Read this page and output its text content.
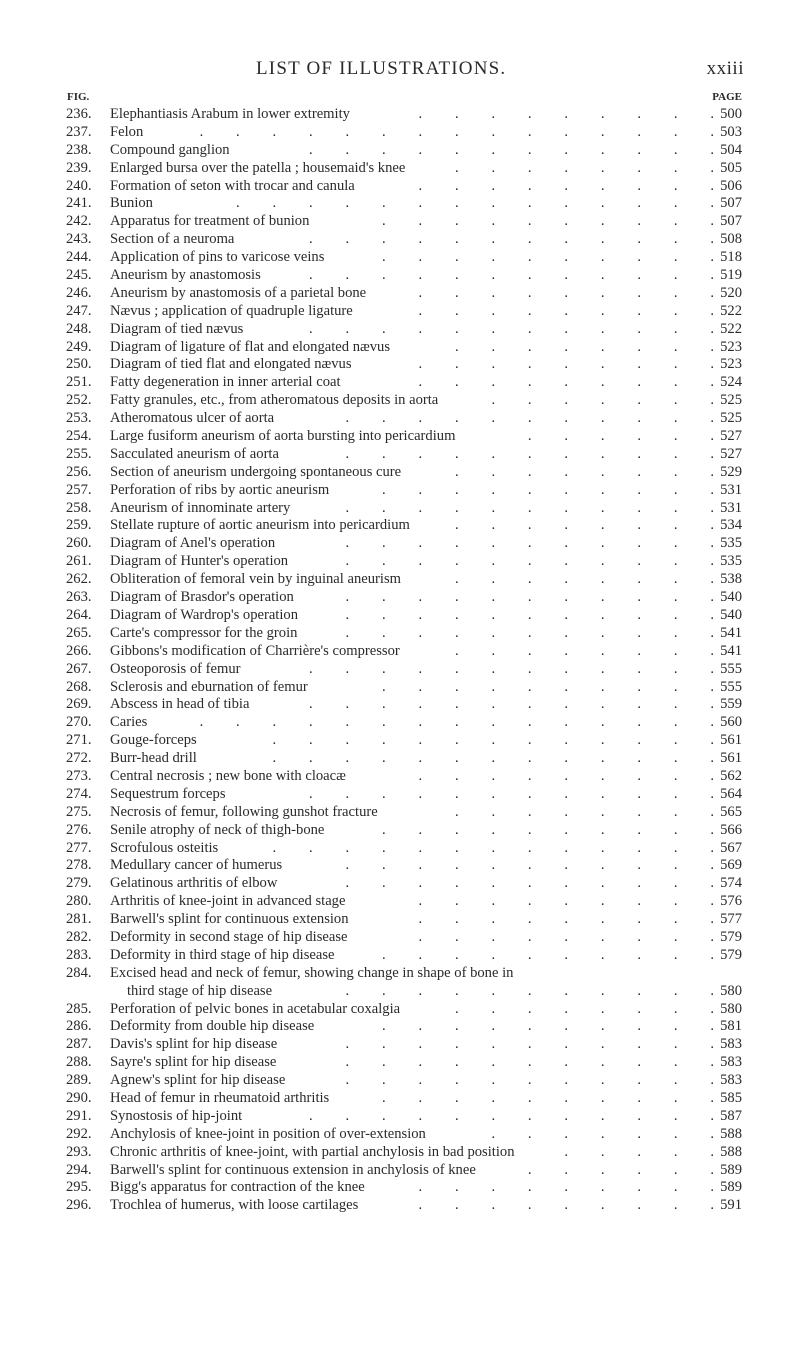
LIST OF ILLUSTRATIONS.	xxiii
FIG.	PAGE
236.	Elephantiasis Arabum in lower extremity	500
.   .   .   .   .   .   .   .   .
237.	Felon	503
.   .   .   .   .   .   .   .   .   .   .   .   .   .   .
238.	Compound ganglion	504
.   .   .   .   .   .   .   .   .   .   .   .
239.	Enlarged bursa over the patella ; housemaid's knee	505
.   .   .   .   .   .   .   .
240.	Formation of seton with trocar and canula	506
.   .   .   .   .   .   .   .   .
241.	Bunion	507
.   .   .   .   .   .   .   .   .   .   .   .   .   .
242.	Apparatus for treatment of bunion	507
.   .   .   .   .   .   .   .   .   .
243.	Section of a neuroma	508
.   .   .   .   .   .   .   .   .   .   .   .
244.	Application of pins to varicose veins	518
.   .   .   .   .   .   .   .   .   .
245.	Aneurism by anastomosis	519
.   .   .   .   .   .   .   .   .   .   .   .
246.	Aneurism by anastomosis of a parietal bone	520
.   .   .   .   .   .   .   .   .
247.	Nævus ; application of quadruple ligature	522
.   .   .   .   .   .   .   .   .
248.	Diagram of tied nævus	522
.   .   .   .   .   .   .   .   .   .   .   .
249.	Diagram of ligature of flat and elongated nævus	523
.   .   .   .   .   .   .   .
250.	Diagram of tied flat and elongated nævus	523
.   .   .   .   .   .   .   .   .
251.	Fatty degeneration in inner arterial coat	524
.   .   .   .   .   .   .   .   .
252.	Fatty granules, etc., from atheromatous deposits in aorta	525
.   .   .   .   .   .   .
253.	Atheromatous ulcer of aorta	525
.   .   .   .   .   .   .   .   .   .   .
254.	Large fusiform aneurism of aorta bursting into pericardium	527
.   .   .   .   .   .
255.	Sacculated aneurism of aorta	527
.   .   .   .   .   .   .   .   .   .   .
256.	Section of aneurism undergoing spontaneous cure	529
.   .   .   .   .   .   .   .
257.	Perforation of ribs by aortic aneurism	531
.   .   .   .   .   .   .   .   .   .
258.	Aneurism of innominate artery	531
.   .   .   .   .   .   .   .   .   .   .
259.	Stellate rupture of aortic aneurism into pericardium	534
.   .   .   .   .   .   .   .
260.	Diagram of Anel's operation	535
.   .   .   .   .   .   .   .   .   .   .
261.	Diagram of Hunter's operation	535
.   .   .   .   .   .   .   .   .   .   .
262.	Obliteration of femoral vein by inguinal aneurism	538
.   .   .   .   .   .   .   .
263.	Diagram of Brasdor's operation	540
.   .   .   .   .   .   .   .   .   .   .
264.	Diagram of Wardrop's operation	540
.   .   .   .   .   .   .   .   .   .   .
265.	Carte's compressor for the groin	541
.   .   .   .   .   .   .   .   .   .   .
266.	Gibbons's modification of Charrière's compressor	541
.   .   .   .   .   .   .   .
267.	Osteoporosis of femur	555
.   .   .   .   .   .   .   .   .   .   .   .
268.	Sclerosis and eburnation of femur	555
.   .   .   .   .   .   .   .   .   .
269.	Abscess in head of tibia	559
.   .   .   .   .   .   .   .   .   .   .   .
270.	Caries	560
.   .   .   .   .   .   .   .   .   .   .   .   .   .   .
271.	Gouge-forceps	561
.   .   .   .   .   .   .   .   .   .   .   .   .
272.	Burr-head drill	561
.   .   .   .   .   .   .   .   .   .   .   .   .
273.	Central necrosis ; new bone with cloacæ	562
.   .   .   .   .   .   .   .   .
274.	Sequestrum forceps	564
.   .   .   .   .   .   .   .   .   .   .   .
275.	Necrosis of femur, following gunshot fracture	565
.   .   .   .   .   .   .   .
276.	Senile atrophy of neck of thigh-bone	566
.   .   .   .   .   .   .   .   .   .
277.	Scrofulous osteitis	567
.   .   .   .   .   .   .   .   .   .   .   .   .
278.	Medullary cancer of humerus	569
.   .   .   .   .   .   .   .   .   .   .
279.	Gelatinous arthritis of elbow	574
.   .   .   .   .   .   .   .   .   .   .
280.	Arthritis of knee-joint in advanced stage	576
.   .   .   .   .   .   .   .   .
281.	Barwell's splint for continuous extension	577
.   .   .   .   .   .   .   .   .
282.	Deformity in second stage of hip disease	579
.   .   .   .   .   .   .   .   .
283.	Deformity in third stage of hip disease	579
.   .   .   .   .   .   .   .   .   .
284.	Excised head and neck of femur, showing change in shape of bone in
third stage of hip disease	580
.   .   .   .   .   .   .   .   .   .   .
285.	Perforation of pelvic bones in acetabular coxalgia	580
.   .   .   .   .   .   .   .
286.	Deformity from double hip disease	581
.   .   .   .   .   .   .   .   .   .
287.	Davis's splint for hip disease	583
.   .   .   .   .   .   .   .   .   .   .
288.	Sayre's splint for hip disease	583
.   .   .   .   .   .   .   .   .   .   .
289.	Agnew's splint for hip disease	583
.   .   .   .   .   .   .   .   .   .   .
290.	Head of femur in rheumatoid arthritis	585
.   .   .   .   .   .   .   .   .   .
291.	Synostosis of hip-joint	587
.   .   .   .   .   .   .   .   .   .   .   .
292.	Anchylosis of knee-joint in position of over-extension	588
.   .   .   .   .   .   .
293.	Chronic arthritis of knee-joint, with partial anchylosis in bad position	588
.   .   .   .   .
294.	Barwell's splint for continuous extension in anchylosis of knee	589
.   .   .   .   .   .
295.	Bigg's apparatus for contraction of the knee	589
.   .   .   .   .   .   .   .   .
296.	Trochlea of humerus, with loose cartilages	591
.   .   .   .   .   .   .   .   .
